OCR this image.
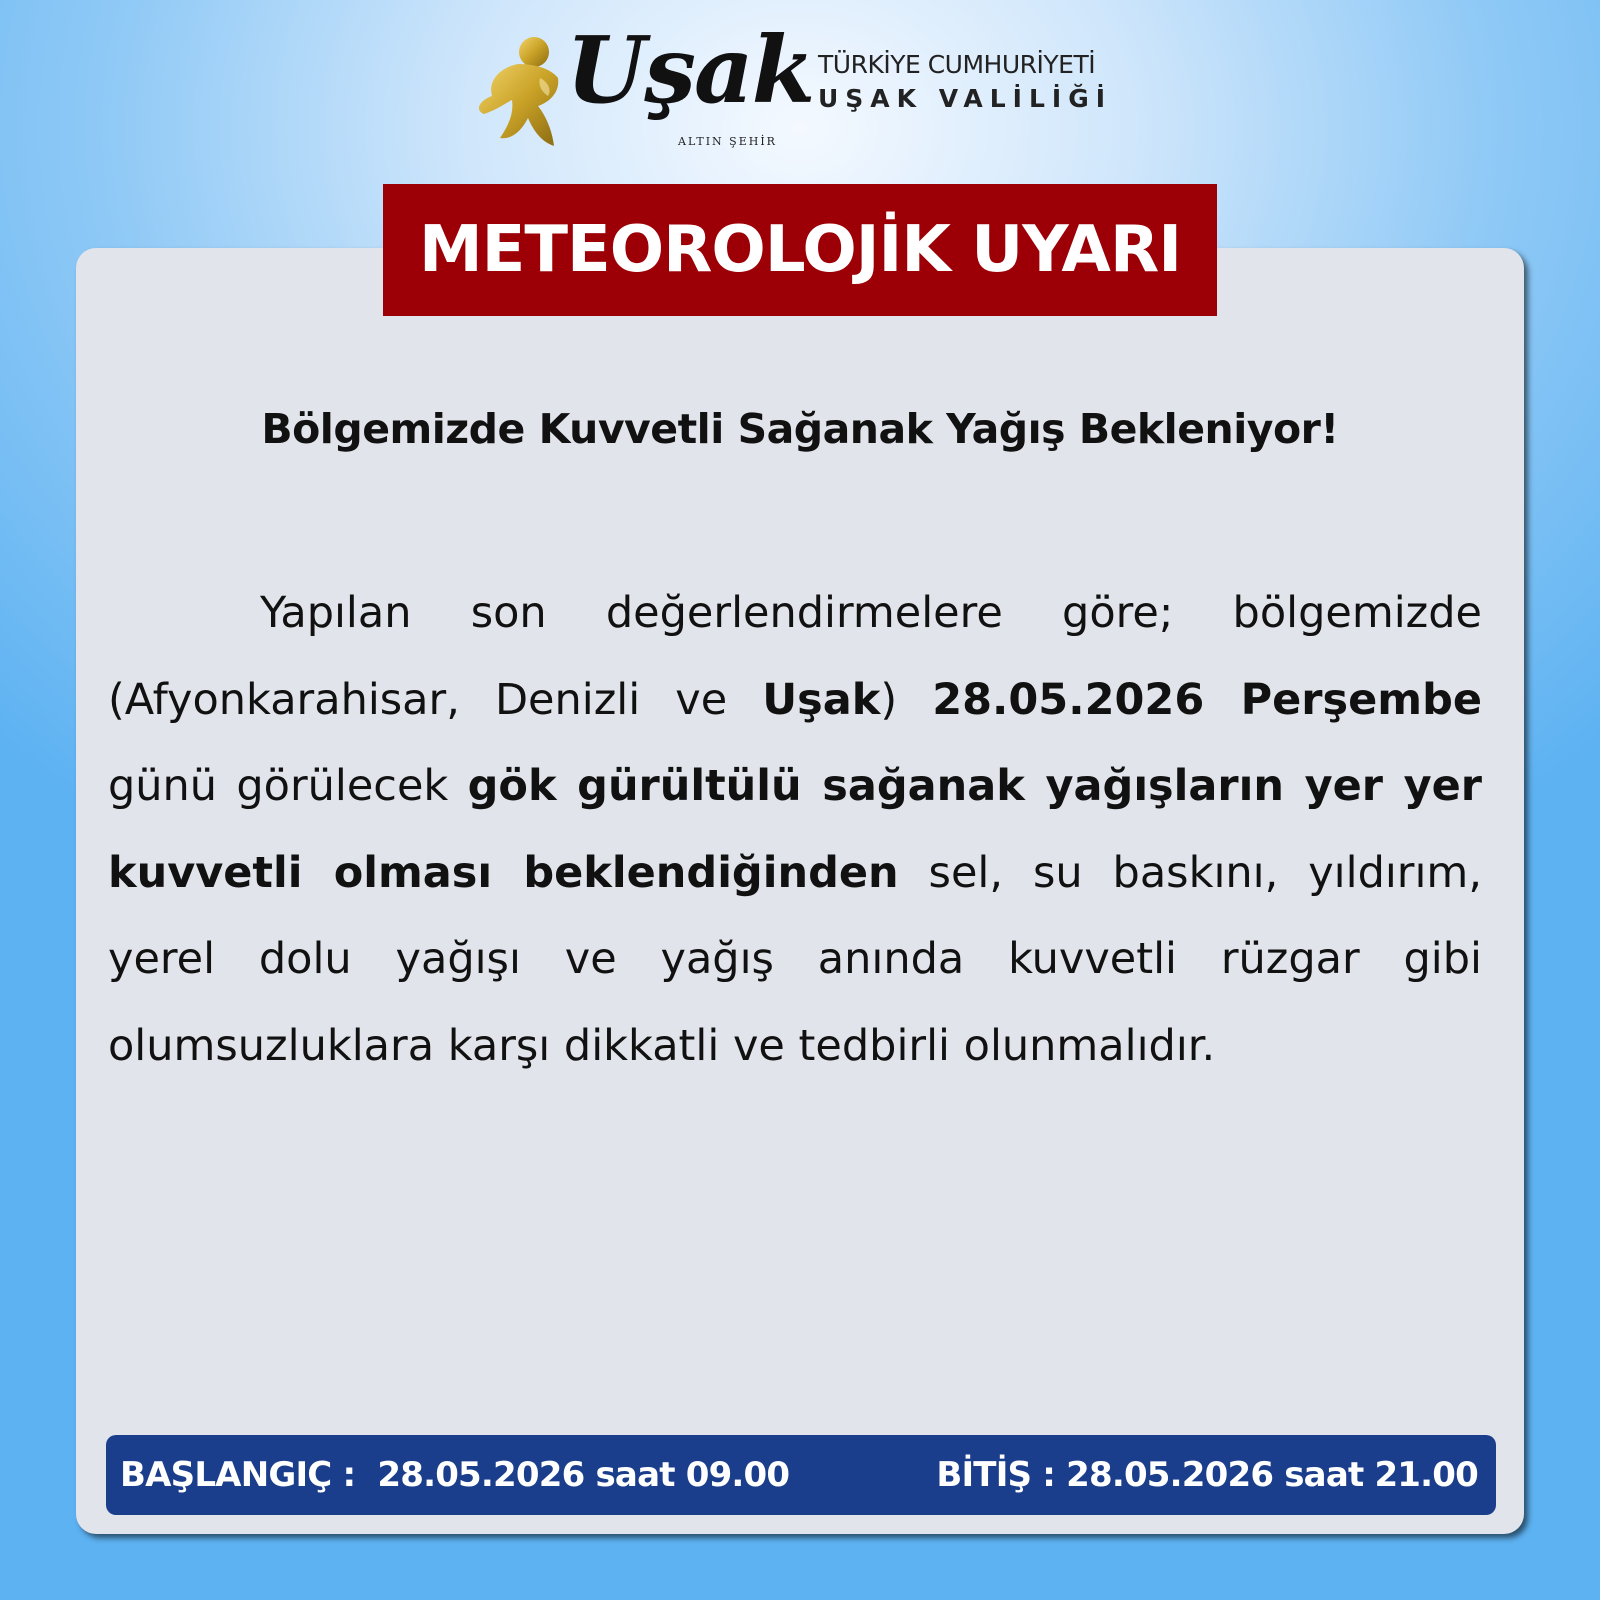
Uşak
ALTIN ŞEHİR
TÜRKİYE CUMHURİYETİ
UŞAK VALİLİĞİ
METEOROLOJİK UYARI
Bölgemizde Kuvvetli Sağanak Yağış Bekleniyor!
Yapılan son değerlendirmelere göre; bölgemizde (Afyonkarahisar, Denizli ve Uşak) 28.05.2026 Perşembe günü görülecek gök gürültülü sağanak yağışların yer yer kuvvetli olması beklendiğinden sel, su baskını, yıldırım, yerel dolu yağışı ve yağış anında kuvvetli rüzgar gibi olumsuzluklara karşı dikkatli ve tedbirli olunmalıdır.
BAŞLANGIÇ :  28.05.2026 saat 09.00	BİTİŞ : 28.05.2026 saat 21.00
